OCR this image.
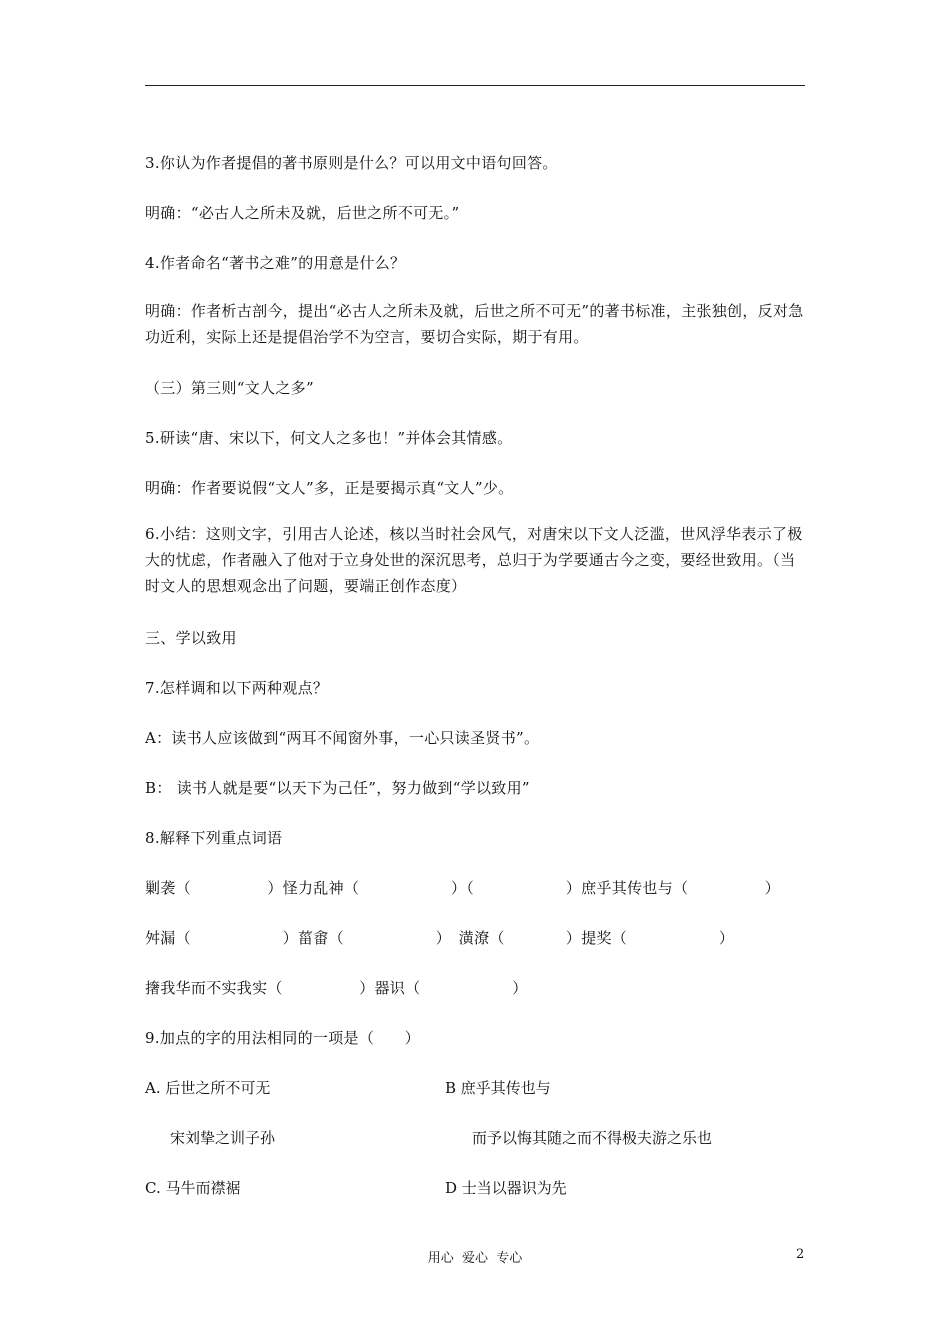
3.你认为作者提倡的著书原则是什么？可以用文中语句回答。
明确：“必古人之所未及就，后世之所不可无。”
4.作者命名“著书之难”的用意是什么？
明确：作者析古剖今，提出“必古人之所未及就，后世之所不可无”的著书标准，主张独创，反对急功近利，实际上还是提倡治学不为空言，要切合实际，期于有用。
（三）第三则“文人之多”
5.研读“唐、宋以下，何文人之多也！”并体会其情感。
明确：作者要说假“文人”多，正是要揭示真“文人”少。
6.小结：这则文字，引用古人论述，核以当时社会风气，对唐宋以下文人泛滥，世风浮华表示了极大的忧虑，作者融入了他对于立身处世的深沉思考，总归于为学要通古今之变，要经世致用。（当时文人的思想观念出了问题，要端正创作态度）
三、学以致用
7.怎样调和以下两种观点？
A：读书人应该做到“两耳不闻窗外事，一心只读圣贤书”。
B： 读书人就是要“以天下为己任”，努力做到“学以致用”
8.解释下列重点词语
剿袭（　　　　　）怪力乱神（　　　　　　）（　　　　　　）庶乎其传也与（　　　　　）
舛漏（　　　　　　）菑畬（　　　　　　）　潢潦（　　　　）提奖（　　　　　　）
撦我华而不实我实（　　　　　）器识（　　　　　　）
9.加点的字的用法相同的一项是（　　）
A. 后世之所不可无	B 庶乎其传也与
宋刘挚之训子孙	而予以悔其随之而不得极夫游之乐也
C. 马牛而襟裾	D 士当以器识为先
用心  爱心  专心	2
